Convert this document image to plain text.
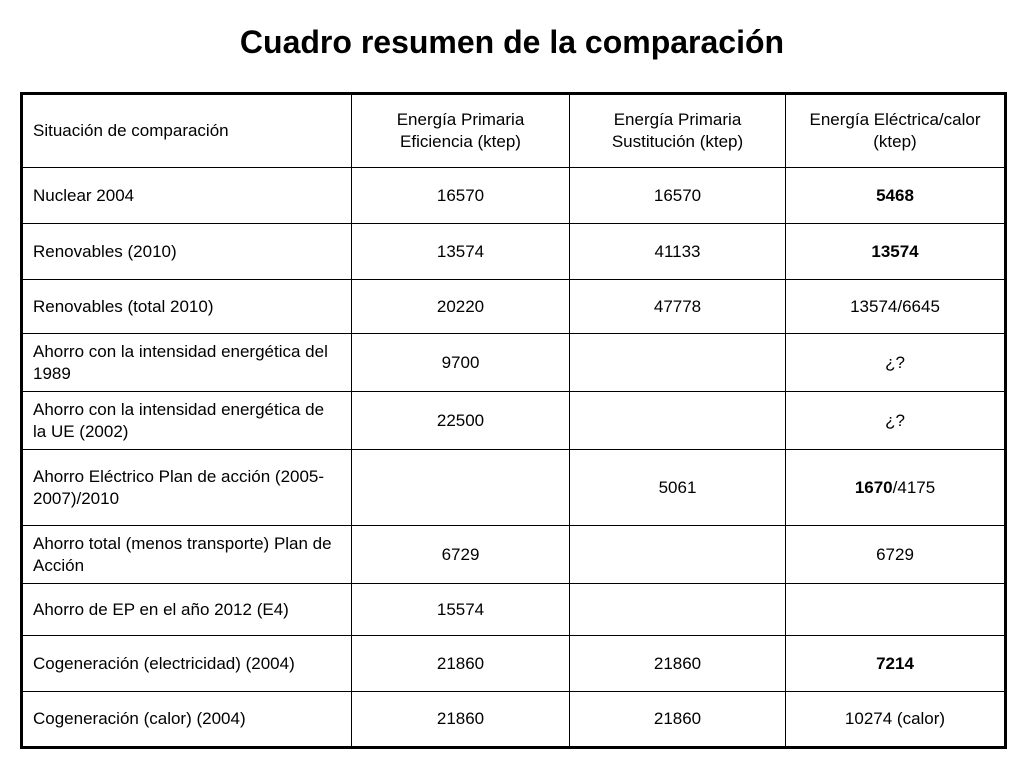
Cuadro resumen de la comparación
Situación de comparación	Energía Primaria Eficiencia (ktep)	Energía Primaria Sustitución (ktep)	Energía Eléctrica/calor (ktep)
Nuclear 2004	16570	16570	5468
Renovables (2010)	13574	41133	13574
Renovables (total 2010)	20220	47778	13574/6645
Ahorro con la intensidad energética del 1989	9700		¿?
Ahorro con la intensidad energética de la UE (2002)	22500		¿?
Ahorro Eléctrico Plan de acción (2005-2007)/2010		5061	1670/4175
Ahorro total (menos transporte) Plan de Acción	6729		6729
Ahorro de EP en el año 2012 (E4)	15574		
Cogeneración (electricidad) (2004)	21860	21860	7214
Cogeneración (calor) (2004)	21860	21860	10274 (calor)
